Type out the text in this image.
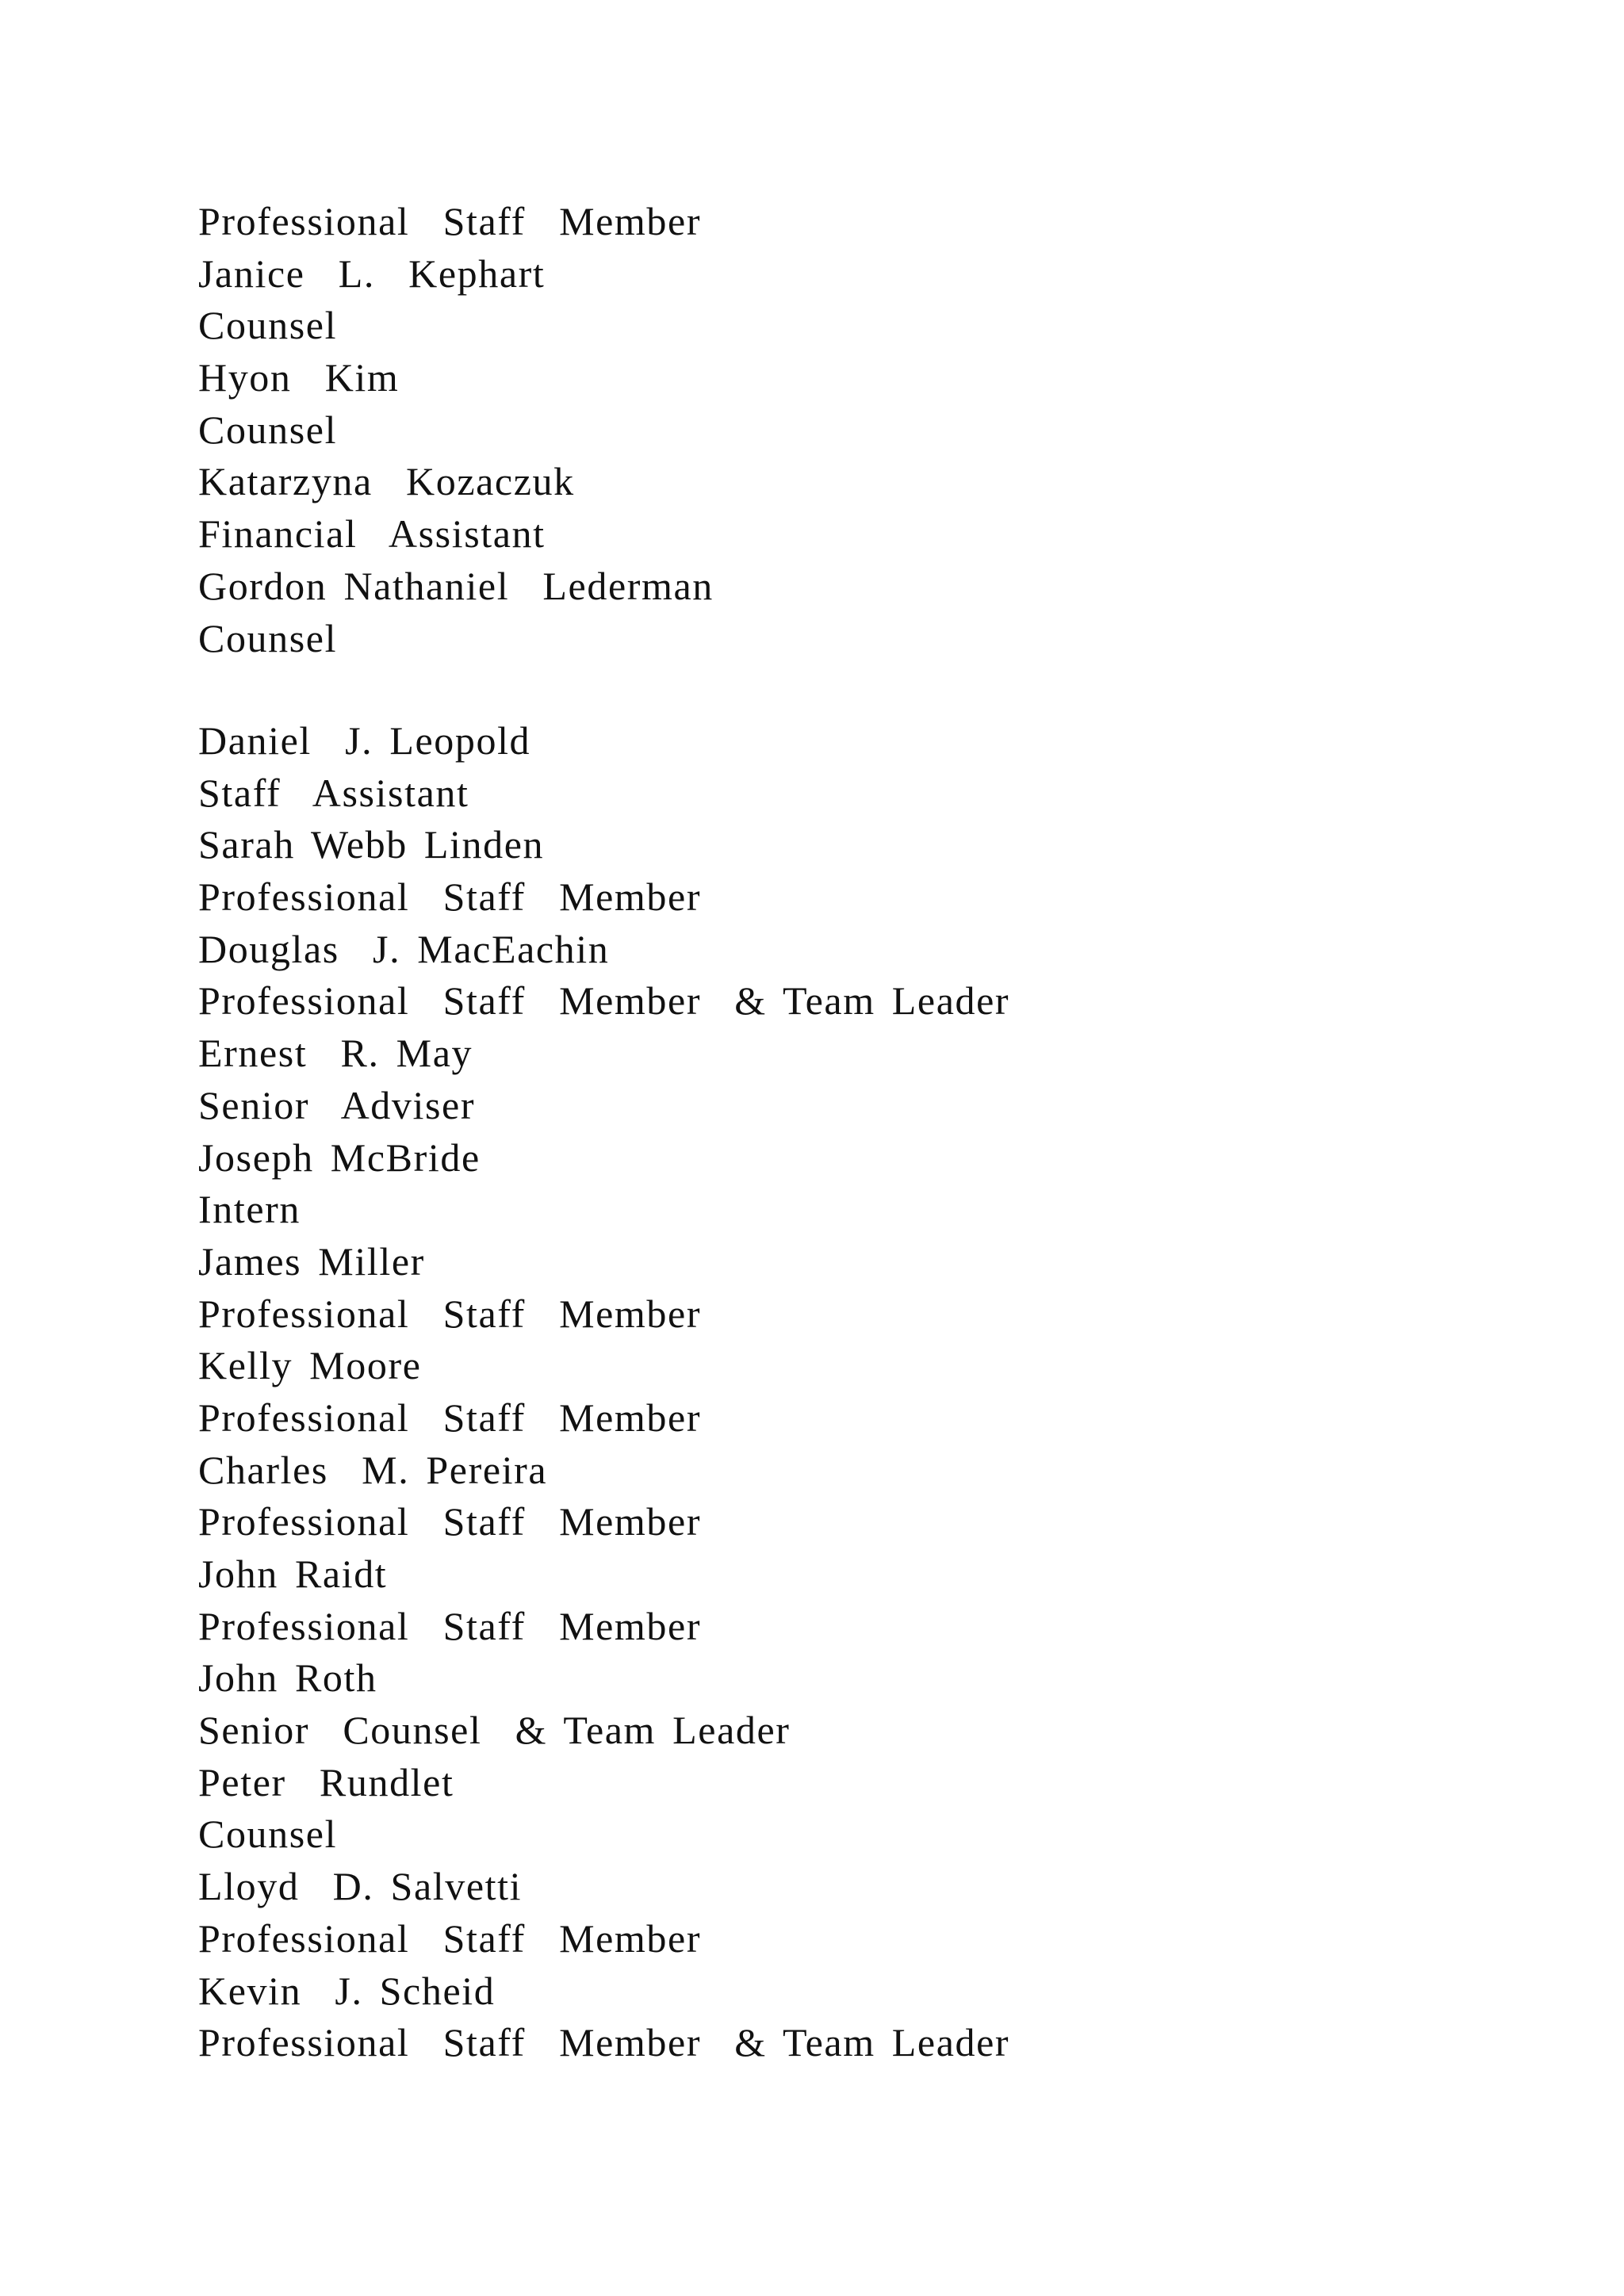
Professional  Staff  Member
Janice  L.  Kephart
Counsel
Hyon  Kim
Counsel
Katarzyna  Kozaczuk
Financial  Assistant
Gordon Nathaniel  Lederman
Counsel
Daniel  J. Leopold
Staff  Assistant
Sarah Webb Linden
Professional  Staff  Member
Douglas  J. MacEachin
Professional  Staff  Member  & Team Leader
Ernest  R. May
Senior  Adviser
Joseph McBride
Intern
James Miller
Professional  Staff  Member
Kelly Moore
Professional  Staff  Member
Charles  M. Pereira
Professional  Staff  Member
John Raidt
Professional  Staff  Member
John Roth
Senior  Counsel  & Team Leader
Peter  Rundlet
Counsel
Lloyd  D. Salvetti
Professional  Staff  Member
Kevin  J. Scheid
Professional  Staff  Member  & Team Leader
